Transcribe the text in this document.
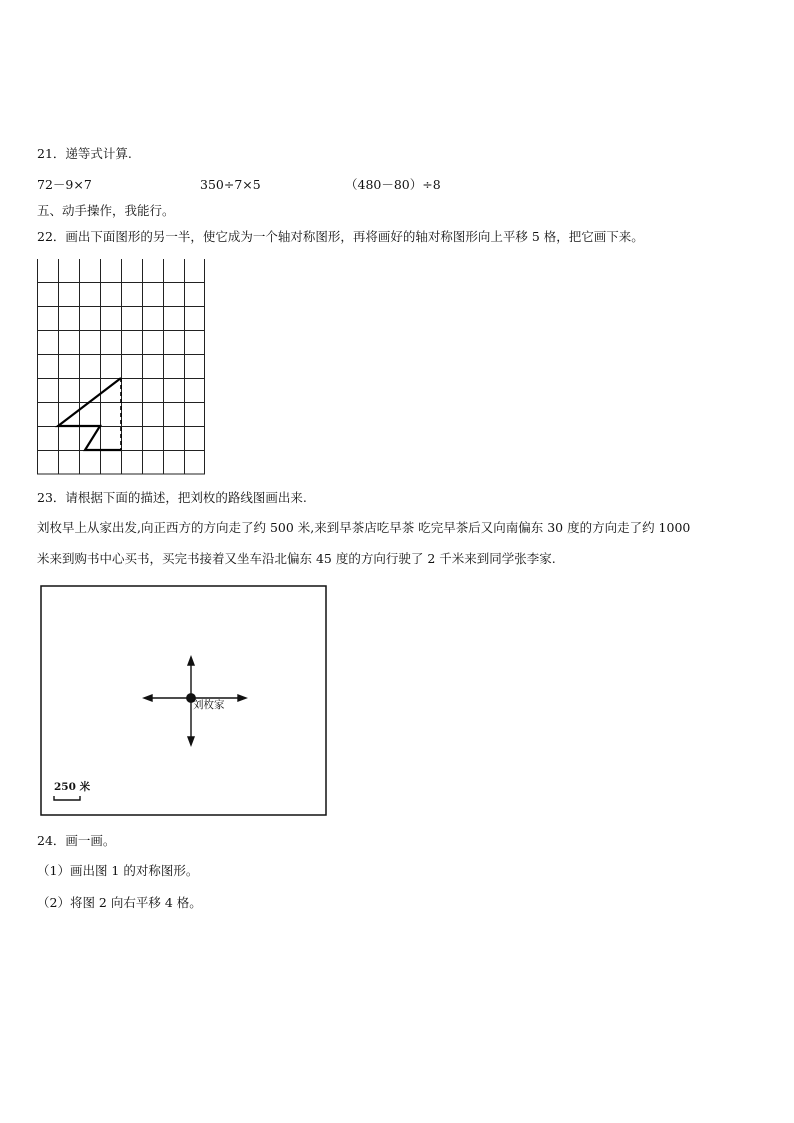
21．递等式计算.
72－9×7	350÷7×5	（480－80）÷8
五、动手操作，我能行。
22．画出下面图形的另一半，使它成为一个轴对称图形，再将画好的轴对称图形向上平移 5 格，把它画下来。
23．请根据下面的描述，把刘枚的路线图画出来.
刘枚早上从家出发,向正西方的方向走了约 500 米,来到早茶店吃早茶 吃完早茶后又向南偏东 30 度的方向走了约 1000
米来到购书中心买书，买完书接着又坐车沿北偏东 45 度的方向行驶了 2 千米来到同学张李家.
刘枚家
250 米
24．画一画。
（1）画出图 1 的对称图形。
（2）将图 2 向右平移 4 格。
